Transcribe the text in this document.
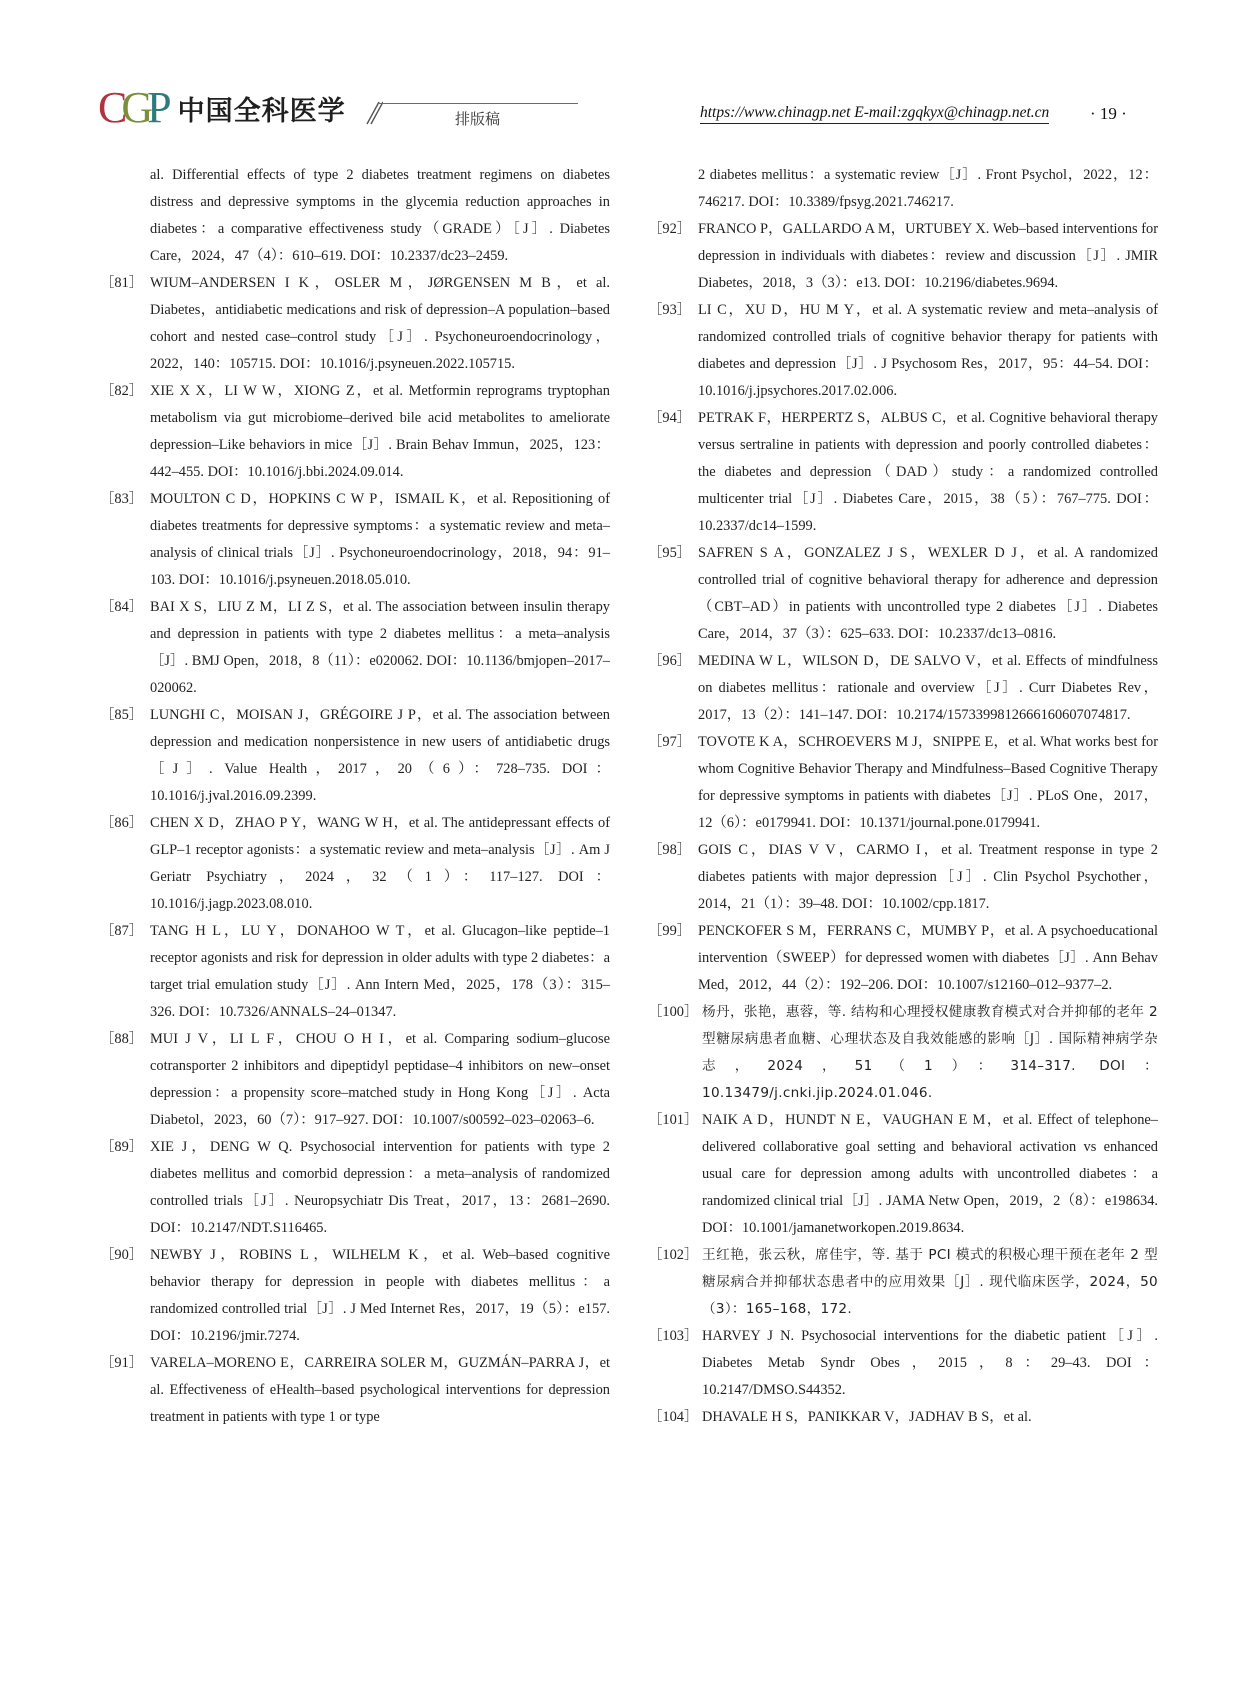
CGP 中国全科医学	排版稿	https://www.chinagp.net E-mail:zgqkyx@chinagp.net.cn · 19 ·
al. Differential effects of type 2 diabetes treatment regimens on diabetes distress and depressive symptoms in the glycemia reduction approaches in diabetes：a comparative effectiveness study（GRADE）［J］. Diabetes Care，2024，47（4）：610–619. DOI：10.2337/dc23–2459.
［81］ WIUM–ANDERSEN I K，OSLER M，JØRGENSEN M B，et al. Diabetes，antidiabetic medications and risk of depression–A population–based cohort and nested case–control study［J］. Psychoneuroendocrinology，2022，140：105715. DOI：10.1016/j.psyneuen.2022.105715.
［82］ XIE X X，LI W W，XIONG Z，et al. Metformin reprograms tryptophan metabolism via gut microbiome–derived bile acid metabolites to ameliorate depression–Like behaviors in mice［J］. Brain Behav Immun，2025，123：442–455. DOI：10.1016/j.bbi.2024.09.014.
［83］ MOULTON C D，HOPKINS C W P，ISMAIL K，et al. Repositioning of diabetes treatments for depressive symptoms：a systematic review and meta–analysis of clinical trials［J］. Psychoneuroendocrinology，2018，94：91–103. DOI：10.1016/j.psyneuen.2018.05.010.
［84］ BAI X S，LIU Z M，LI Z S，et al. The association between insulin therapy and depression in patients with type 2 diabetes mellitus：a meta–analysis［J］. BMJ Open，2018，8（11）：e020062. DOI：10.1136/bmjopen–2017–020062.
［85］ LUNGHI C，MOISAN J，GRÉGOIRE J P，et al. The association between depression and medication nonpersistence in new users of antidiabetic drugs［J］. Value Health，2017，20（6）：728–735. DOI：10.1016/j.jval.2016.09.2399.
［86］ CHEN X D，ZHAO P Y，WANG W H，et al. The antidepressant effects of GLP–1 receptor agonists：a systematic review and meta–analysis［J］. Am J Geriatr Psychiatry，2024，32（1）：117–127. DOI：10.1016/j.jagp.2023.08.010.
［87］ TANG H L，LU Y，DONAHOO W T，et al. Glucagon–like peptide–1 receptor agonists and risk for depression in older adults with type 2 diabetes：a target trial emulation study［J］. Ann Intern Med，2025，178（3）：315–326. DOI：10.7326/ANNALS–24–01347.
［88］ MUI J V，LI L F，CHOU O H I，et al. Comparing sodium–glucose cotransporter 2 inhibitors and dipeptidyl peptidase–4 inhibitors on new–onset depression：a propensity score–matched study in Hong Kong［J］. Acta Diabetol，2023，60（7）：917–927. DOI：10.1007/s00592–023–02063–6.
［89］ XIE J，DENG W Q. Psychosocial intervention for patients with type 2 diabetes mellitus and comorbid depression：a meta–analysis of randomized controlled trials［J］. Neuropsychiatr Dis Treat，2017，13：2681–2690. DOI：10.2147/NDT.S116465.
［90］ NEWBY J，ROBINS L，WILHELM K，et al. Web–based cognitive behavior therapy for depression in people with diabetes mellitus：a randomized controlled trial［J］. J Med Internet Res，2017，19（5）：e157. DOI：10.2196/jmir.7274.
［91］ VARELA–MORENO E，CARREIRA SOLER M，GUZMÁN–PARRA J，et al. Effectiveness of eHealth–based psychological interventions for depression treatment in patients with type 1 or type
2 diabetes mellitus：a systematic review［J］. Front Psychol，2022，12：746217. DOI：10.3389/fpsyg.2021.746217.
［92］ FRANCO P，GALLARDO A M，URTUBEY X. Web–based interventions for depression in individuals with diabetes：review and discussion［J］. JMIR Diabetes，2018，3（3）：e13. DOI：10.2196/diabetes.9694.
［93］ LI C，XU D，HU M Y，et al. A systematic review and meta–analysis of randomized controlled trials of cognitive behavior therapy for patients with diabetes and depression［J］. J Psychosom Res，2017，95：44–54. DOI：10.1016/j.jpsychores.2017.02.006.
［94］ PETRAK F，HERPERTZ S，ALBUS C，et al. Cognitive behavioral therapy versus sertraline in patients with depression and poorly controlled diabetes：the diabetes and depression（DAD）study：a randomized controlled multicenter trial［J］. Diabetes Care，2015，38（5）：767–775. DOI：10.2337/dc14–1599.
［95］ SAFREN S A，GONZALEZ J S，WEXLER D J，et al. A randomized controlled trial of cognitive behavioral therapy for adherence and depression（CBT–AD）in patients with uncontrolled type 2 diabetes［J］. Diabetes Care，2014，37（3）：625–633. DOI：10.2337/dc13–0816.
［96］ MEDINA W L，WILSON D，DE SALVO V，et al. Effects of mindfulness on diabetes mellitus：rationale and overview［J］. Curr Diabetes Rev，2017，13（2）：141–147. DOI：10.2174/1573399812666160607074817.
［97］ TOVOTE K A，SCHROEVERS M J，SNIPPE E，et al. What works best for whom Cognitive Behavior Therapy and Mindfulness–Based Cognitive Therapy for depressive symptoms in patients with diabetes［J］. PLoS One，2017，12（6）：e0179941. DOI：10.1371/journal.pone.0179941.
［98］ GOIS C，DIAS V V，CARMO I，et al. Treatment response in type 2 diabetes patients with major depression［J］. Clin Psychol Psychother，2014，21（1）：39–48. DOI：10.1002/cpp.1817.
［99］ PENCKOFER S M，FERRANS C，MUMBY P，et al. A psychoeducational intervention（SWEEP）for depressed women with diabetes［J］. Ann Behav Med，2012，44（2）：192–206. DOI：10.1007/s12160–012–9377–2.
［100］ 杨丹，张艳，惠蓉，等. 结构和心理授权健康教育模式对合并抑郁的老年 2 型糖尿病患者血糖、心理状态及自我效能感的影响［J］. 国际精神病学杂志，2024，51（1）：314–317. DOI：10.13479/j.cnki.jip.2024.01.046.
［101］ NAIK A D，HUNDT N E，VAUGHAN E M，et al. Effect of telephone–delivered collaborative goal setting and behavioral activation vs enhanced usual care for depression among adults with uncontrolled diabetes：a randomized clinical trial［J］. JAMA Netw Open，2019，2（8）：e198634. DOI：10.1001/jamanetworkopen.2019.8634.
［102］ 王红艳，张云秋，席佳宇，等. 基于 PCI 模式的积极心理干预在老年 2 型糖尿病合并抑郁状态患者中的应用效果［J］. 现代临床医学，2024，50（3）：165–168，172.
［103］ HARVEY J N. Psychosocial interventions for the diabetic patient［J］. Diabetes Metab Syndr Obes，2015，8：29–43. DOI：10.2147/DMSO.S44352.
［104］ DHAVALE H S，PANIKKAR V，JADHAV B S，et al.
